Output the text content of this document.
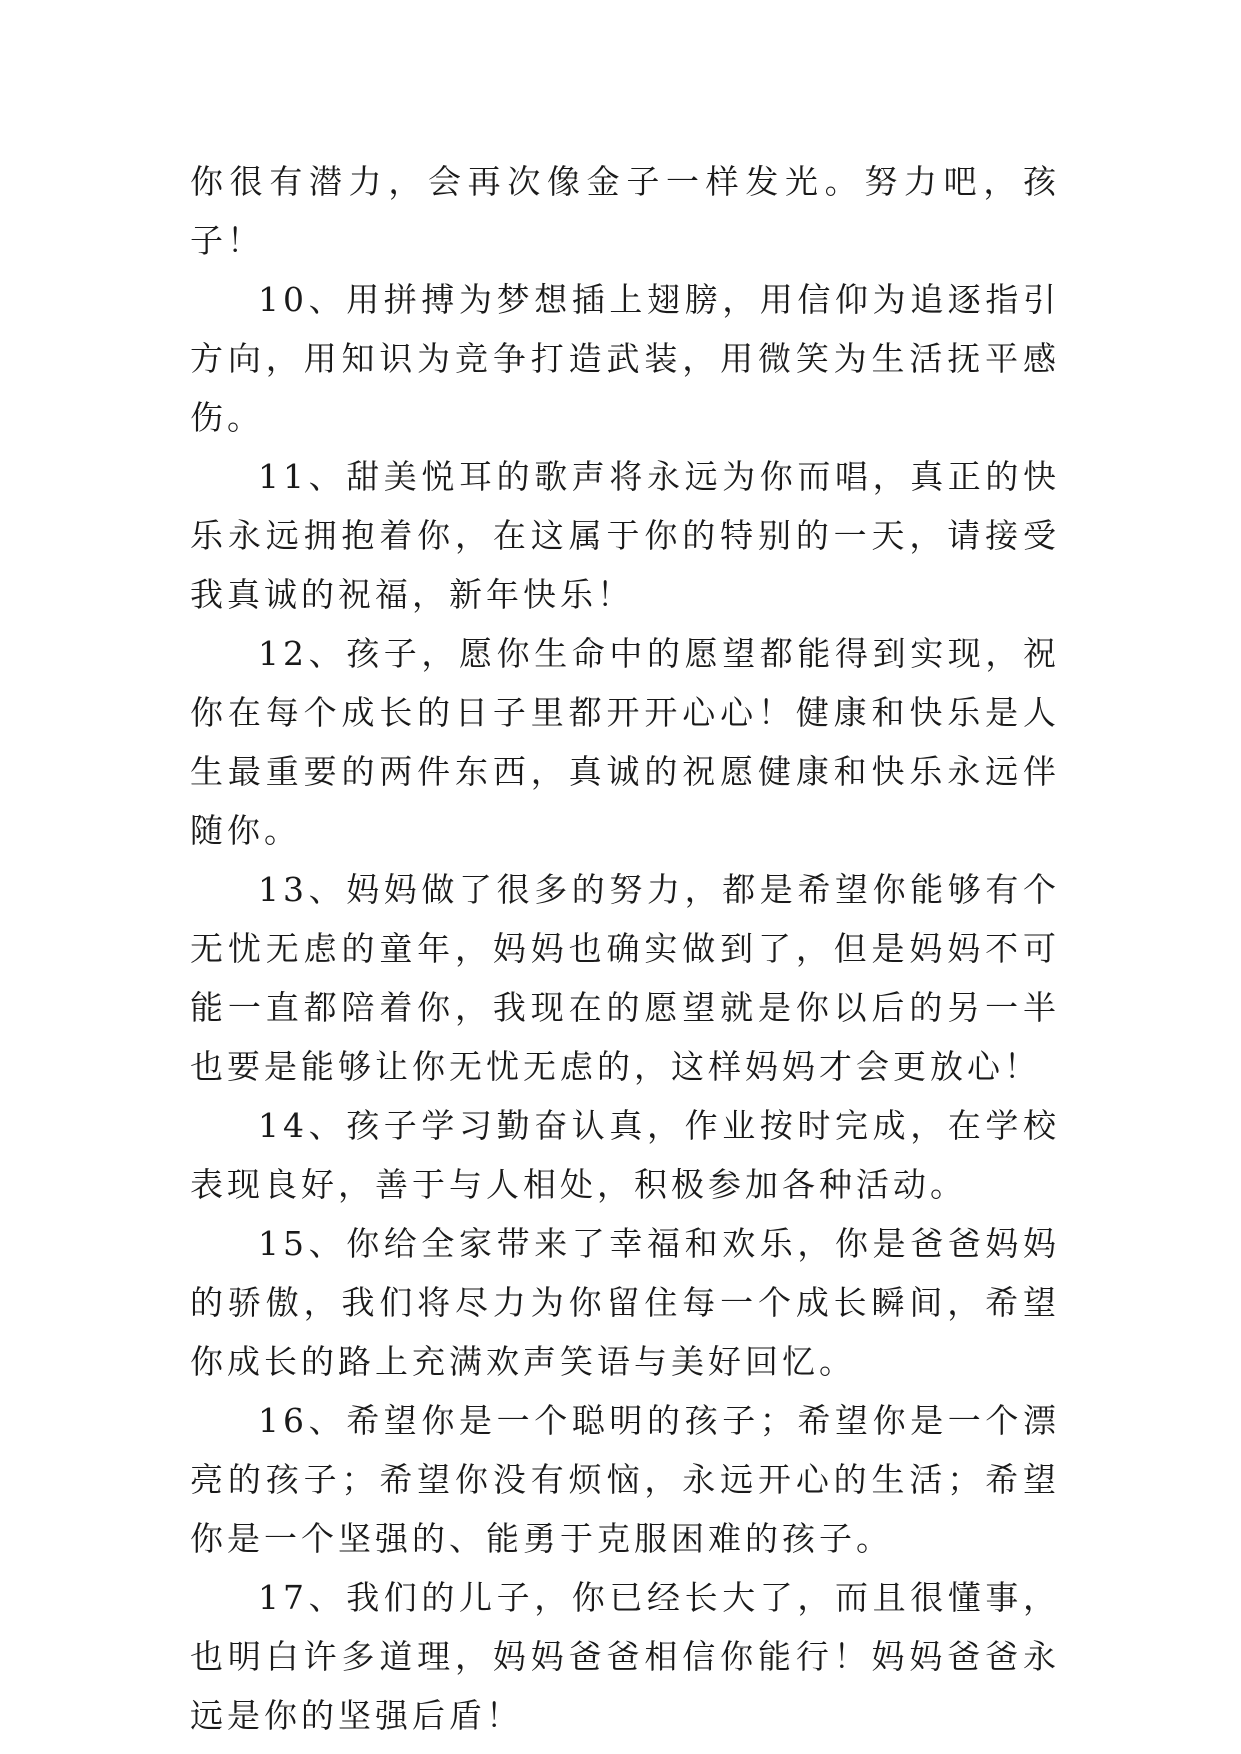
你很有潜力，会再次像金子一样发光。努力吧，孩子！

10、用拼搏为梦想插上翅膀，用信仰为追逐指引方向，用知识为竞争打造武装，用微笑为生活抚平感伤。

11、甜美悦耳的歌声将永远为你而唱，真正的快乐永远拥抱着你，在这属于你的特别的一天，请接受我真诚的祝福，新年快乐！

12、孩子，愿你生命中的愿望都能得到实现，祝你在每个成长的日子里都开开心心！健康和快乐是人生最重要的两件东西，真诚的祝愿健康和快乐永远伴随你。

13、妈妈做了很多的努力，都是希望你能够有个无忧无虑的童年，妈妈也确实做到了，但是妈妈不可能一直都陪着你，我现在的愿望就是你以后的另一半也要是能够让你无忧无虑的，这样妈妈才会更放心！

14、孩子学习勤奋认真，作业按时完成，在学校表现良好，善于与人相处，积极参加各种活动。

15、你给全家带来了幸福和欢乐，你是爸爸妈妈的骄傲，我们将尽力为你留住每一个成长瞬间，希望你成长的路上充满欢声笑语与美好回忆。

16、希望你是一个聪明的孩子；希望你是一个漂亮的孩子；希望你没有烦恼，永远开心的生活；希望你是一个坚强的、能勇于克服困难的孩子。

17、我们的儿子，你已经长大了，而且很懂事，也明白许多道理，妈妈爸爸相信你能行！妈妈爸爸永远是你的坚强后盾！
